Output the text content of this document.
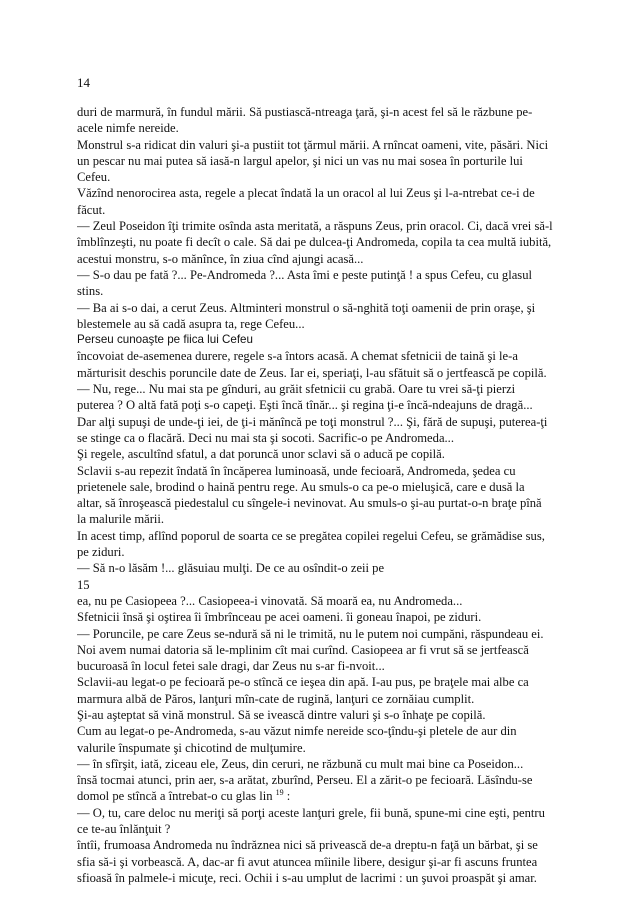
14
duri de marmură, în fundul mării. Să pustiască-ntreaga ţară, şi-n acest fel să le răzbune pe-
acele nimfe nereide.
Monstrul s-a ridicat din valuri şi-a pustiit tot ţărmul mării. A rnîncat oameni, vite, păsări. Nici
un pescar nu mai putea să iasă-n largul apelor, şi nici un vas nu mai sosea în porturile lui
Cefeu.
Văzînd nenorocirea asta, regele a plecat îndată la un oracol al lui Zeus şi l-a-ntrebat ce-i de
făcut.
— Zeul Poseidon îţi trimite osînda asta meritată, a răspuns Zeus, prin oracol. Ci, dacă vrei să-l
îmblînzeşti, nu poate fi decît o cale. Să dai pe dulcea-ţi Andromeda, copila ta cea multă iubită,
acestui monstru, s-o mănînce, în ziua cînd ajungi acasă...
— S-o dau pe fată ?... Pe-Andromeda ?... Asta îmi e peste putinţă ! a spus Cefeu, cu glasul
stins.
— Ba ai s-o dai, a cerut Zeus. Altminteri monstrul o să-nghită toţi oamenii de prin oraşe, şi
blestemele au să cadă asupra ta, rege Cefeu...
Perseu cunoaşte pe fiica lui Cefeu
încovoiat de-asemenea durere, regele s-a întors acasă. A chemat sfetnicii de taină şi le-a
mărturisit deschis poruncile date de Zeus. Iar ei, speriaţi, l-au sfătuit să o jertfească pe copilă.
— Nu, rege... Nu mai sta pe gînduri, au grăit sfetnicii cu grabă. Oare tu vrei să-ţi pierzi
puterea ? O altă fată poţi s-o capeţi. Eşti încă tînăr... şi regina ţi-e încă-ndeajuns de dragă...
Dar alţi supuşi de unde-ţi iei, de ţi-i mănîncă pe toţi monstrul ?... Şi, fără de supuşi, puterea-ţi
se stinge ca o flacără. Deci nu mai sta şi socoti. Sacrific-o pe Andromeda...
Şi regele, ascultînd sfatul, a dat poruncă unor sclavi să o aducă pe copilă.
Sclavii s-au repezit îndată în încăperea luminoasă, unde fecioară, Andromeda, şedea cu
prietenele sale, brodind o haină pentru rege. Au smuls-o ca pe-o mieluşică, care e dusă la
altar, să înroşească piedestalul cu sîngele-i nevinovat. Au smuls-o şi-au purtat-o-n braţe pînă
la malurile mării.
In acest timp, aflînd poporul de soarta ce se pregătea copilei regelui Cefeu, se grămădise sus,
pe ziduri.
— Să n-o lăsăm !... glăsuiau mulţi. De ce au osîndit-o zeii pe
15
ea, nu pe Casiopeea ?... Casiopeea-i vinovată. Să moară ea, nu Andromeda...
Sfetnicii însă şi oştirea îi îmbrînceau pe acei oameni. îi goneau înapoi, pe ziduri.
— Poruncile, pe care Zeus se-ndură să ni le trimită, nu le putem noi cumpăni, răspundeau ei.
Noi avem numai datoria să le-mplinim cît mai curînd. Casiopeea ar fi vrut să se jertfească
bucuroasă în locul fetei sale dragi, dar Zeus nu s-ar fi-nvoit...
Sclavii-au legat-o pe fecioară pe-o stîncă ce ieşea din apă. I-au pus, pe braţele mai albe ca
marmura albă de Păros, lanţuri mîn-cate de rugină, lanţuri ce zornăiau cumplit.
Şi-au aşteptat să vină monstrul. Să se ivească dintre valuri şi s-o înhaţe pe copilă.
Cum au legat-o pe-Andromeda, s-au văzut nimfe nereide sco-ţîndu-şi pletele de aur din
valurile înspumate şi chicotind de mulţumire.
— în sfîrşit, iată, ziceau ele, Zeus, din ceruri, ne răzbună cu mult mai bine ca Poseidon...
însă tocmai atunci, prin aer, s-a arătat, zburînd, Perseu. El a zărit-o pe fecioară. Lăsîndu-se
domol pe stîncă a întrebat-o cu glas lin $^{19}$ :
— O, tu, care deloc nu meriţi să porţi aceste lanţuri grele, fii bună, spune-mi cine eşti, pentru
ce te-au înlănţuit ?
întîi, frumoasa Andromeda nu îndrăznea nici să privească de-a dreptu-n faţă un bărbat, şi se
sfia să-i şi vorbească. A, dac-ar fi avut atuncea mîinile libere, desigur şi-ar fi ascuns fruntea
sfioasă în palmele-i micuţe, reci. Ochii i s-au umplut de lacrimi : un şuvoi proaspăt şi amar.
